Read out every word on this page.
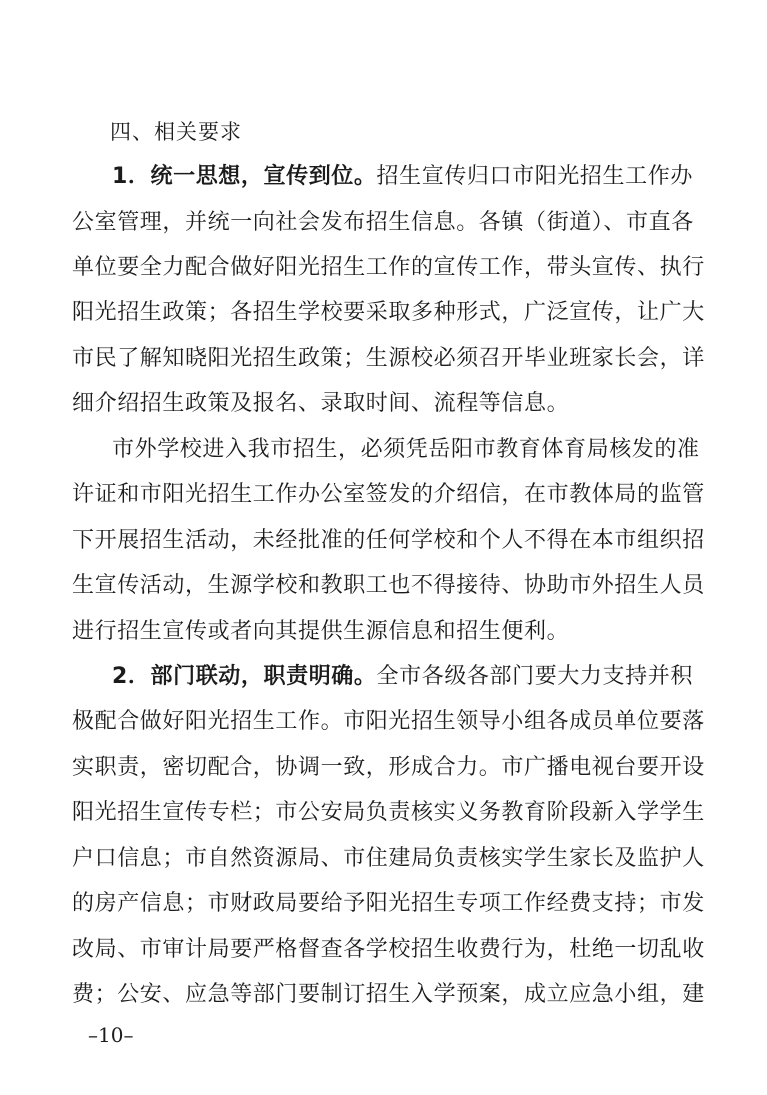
四、相关要求
1．统一思想，宣传到位。招生宣传归口市阳光招生工作办
公室管理，并统一向社会发布招生信息。各镇（街道）、市直各
单位要全力配合做好阳光招生工作的宣传工作，带头宣传、执行
阳光招生政策；各招生学校要采取多种形式，广泛宣传，让广大
市民了解知晓阳光招生政策；生源校必须召开毕业班家长会，详
细介绍招生政策及报名、录取时间、流程等信息。
市外学校进入我市招生，必须凭岳阳市教育体育局核发的准
许证和市阳光招生工作办公室签发的介绍信，在市教体局的监管
下开展招生活动，未经批准的任何学校和个人不得在本市组织招
生宣传活动，生源学校和教职工也不得接待、协助市外招生人员
进行招生宣传或者向其提供生源信息和招生便利。
2．部门联动，职责明确。全市各级各部门要大力支持并积
极配合做好阳光招生工作。市阳光招生领导小组各成员单位要落
实职责，密切配合，协调一致，形成合力。市广播电视台要开设
阳光招生宣传专栏；市公安局负责核实义务教育阶段新入学学生
户口信息；市自然资源局、市住建局负责核实学生家长及监护人
的房产信息；市财政局要给予阳光招生专项工作经费支持；市发
改局、市审计局要严格督查各学校招生收费行为，杜绝一切乱收
费；公安、应急等部门要制订招生入学预案，成立应急小组，建
–10–
